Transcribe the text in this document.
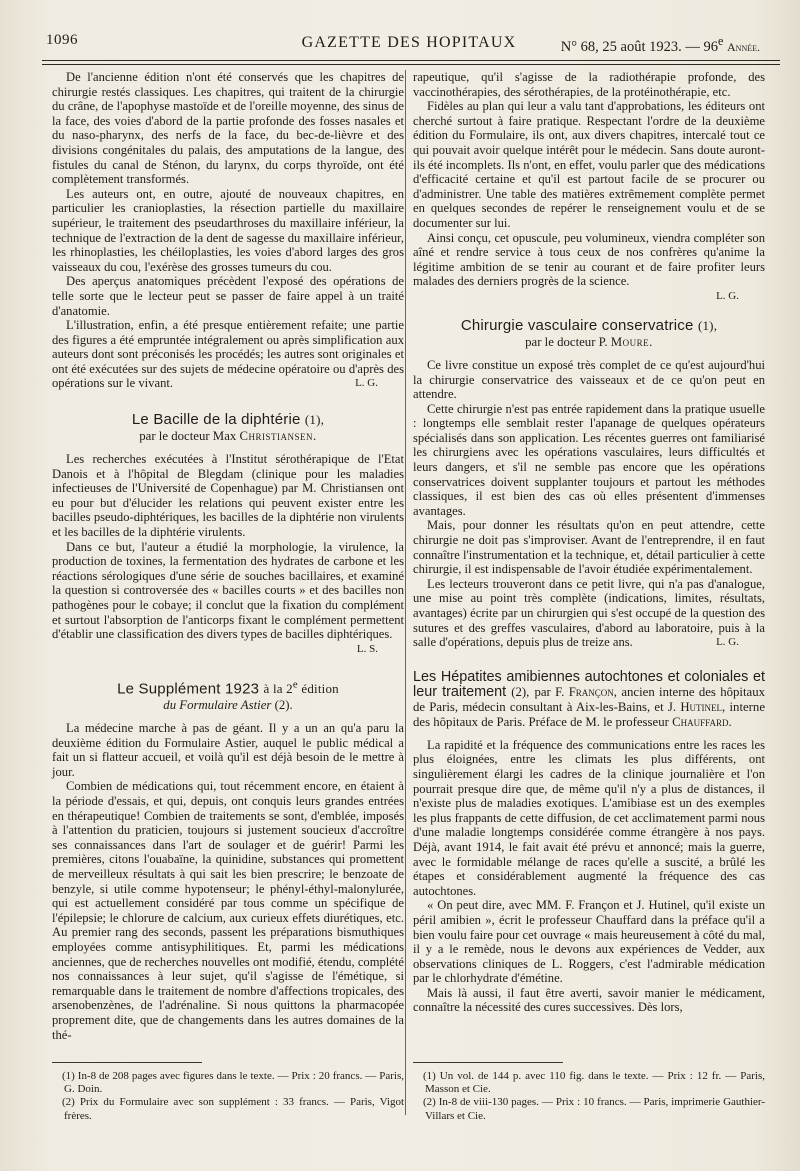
1096	GAZETTE DES HOPITAUX	N° 68, 25 août 1923. — 96e Année.

De l'ancienne édition n'ont été conservés que les chapitres de chirurgie restés classiques. Les chapitres, qui traitent de la chirurgie du crâne, de l'apophyse mastoïde et de l'oreille moyenne, des sinus de la face, des voies d'abord de la partie profonde des fosses nasales et du naso-pharynx, des nerfs de la face, du bec-de-lièvre et des divisions congénitales du palais, des amputations de la langue, des fistules du canal de Sténon, du larynx, du corps thyroïde, ont été complètement transformés.

Les auteurs ont, en outre, ajouté de nouveaux chapitres, en particulier les cranioplasties, la résection partielle du maxillaire supérieur, le traitement des pseudarthroses du maxillaire inférieur, la technique de l'extraction de la dent de sagesse du maxillaire inférieur, les rhinoplasties, les chéiloplasties, les voies d'abord larges des gros vaisseaux du cou, l'exérèse des grosses tumeurs du cou.

Des aperçus anatomiques précèdent l'exposé des opérations de telle sorte que le lecteur peut se passer de faire appel à un traité d'anatomie.

L'illustration, enfin, a été presque entièrement refaite; une partie des figures a été empruntée intégralement ou après simplification aux auteurs dont sont préconisés les procédés; les autres sont originales et ont été exécutées sur des sujets de médecine opératoire ou d'après des opérations sur le vivant.	L. G.

Le Bacille de la diphtérie (1),
par le docteur Max Christiansen.

Les recherches exécutées à l'Institut sérothérapique de l'Etat Danois et à l'hôpital de Blegdam (clinique pour les maladies infectieuses de l'Université de Copenhague) par M. Christiansen ont eu pour but d'élucider les relations qui peuvent exister entre les bacilles pseudo-diphtériques, les bacilles de la diphtérie non virulents et les bacilles de la diphtérie virulents.

Dans ce but, l'auteur a étudié la morphologie, la virulence, la production de toxines, la fermentation des hydrates de carbone et les réactions sérologiques d'une série de souches bacillaires, et examiné la question si controversée des « bacilles courts » et des bacilles non pathogènes pour le cobaye; il conclut que la fixation du complément et surtout l'absorption de l'anticorps fixant le complément permettent d'établir une classification des divers types de bacilles diphtériques.

L. S.
Le Supplément 1923 à la 2e édition
du Formulaire Astier (2).

La médecine marche à pas de géant. Il y a un an qu'a paru la deuxième édition du Formulaire Astier, auquel le public médical a fait un si flatteur accueil, et voilà qu'il est déjà besoin de le mettre à jour.

Combien de médications qui, tout récemment encore, en étaient à la période d'essais, et qui, depuis, ont conquis leurs grandes entrées en thérapeutique! Combien de traitements se sont, d'emblée, imposés à l'attention du praticien, toujours si justement soucieux d'accroître ses connaissances dans l'art de soulager et de guérir! Parmi les premières, citons l'ouabaïne, la quinidine, substances qui promettent de merveilleux résultats à qui sait les bien prescrire; le benzoate de benzyle, si utile comme hypotenseur; le phényl-éthyl-malonylurée, qui est actuellement considéré par tous comme un spécifique de l'épilepsie; le chlorure de calcium, aux curieux effets diurétiques, etc. Au premier rang des seconds, passent les préparations bismuthiques employées comme antisyphilitiques. Et, parmi les médications anciennes, que de recherches nouvelles ont modifié, étendu, complété nos connaissances à leur sujet, qu'il s'agisse de l'émétique, si remarquable dans le traitement de nombre d'affections tropicales, des arsenobenzènes, de l'adrénaline. Si nous quittons la pharmacopée proprement dite, que de changements dans les autres domaines de la thé-

rapeutique, qu'il s'agisse de la radiothérapie profonde, des vaccinothérapies, des sérothérapies, de la protéinothérapie, etc.

Fidèles au plan qui leur a valu tant d'approbations, les éditeurs ont cherché surtout à faire pratique. Respectant l'ordre de la deuxième édition du Formulaire, ils ont, aux divers chapitres, intercalé tout ce qui pouvait avoir quelque intérêt pour le médecin. Sans doute auront-ils été incomplets. Ils n'ont, en effet, voulu parler que des médications d'efficacité certaine et qu'il est partout facile de se procurer ou d'administrer. Une table des matières extrêmement complète permet en quelques secondes de repérer le renseignement voulu et de se documenter sur lui.

Ainsi conçu, cet opuscule, peu volumineux, viendra compléter son aîné et rendre service à tous ceux de nos confrères qu'anime la légitime ambition de se tenir au courant et de faire profiter leurs malades des derniers progrès de la science.

L. G.
Chirurgie vasculaire conservatrice (1),
par le docteur P. Moure.

Ce livre constitue un exposé très complet de ce qu'est aujourd'hui la chirurgie conservatrice des vaisseaux et de ce qu'on peut en attendre.

Cette chirurgie n'est pas entrée rapidement dans la pratique usuelle : longtemps elle semblait rester l'apanage de quelques opérateurs spécialisés dans son application. Les récentes guerres ont familiarisé les chirurgiens avec les opérations vasculaires, leurs difficultés et leurs dangers, et s'il ne semble pas encore que les opérations conservatrices doivent supplanter toujours et partout les méthodes classiques, il est bien des cas où elles présentent d'immenses avantages.

Mais, pour donner les résultats qu'on en peut attendre, cette chirurgie ne doit pas s'improviser. Avant de l'entreprendre, il en faut connaître l'instrumentation et la technique, et, détail particulier à cette chirurgie, il est indispensable de l'avoir étudiée expérimentalement.

Les lecteurs trouveront dans ce petit livre, qui n'a pas d'analogue, une mise au point très complète (indications, limites, résultats, avantages) écrite par un chirurgien qui s'est occupé de la question des sutures et des greffes vasculaires, d'abord au laboratoire, puis à la salle d'opérations, depuis plus de treize ans.	L. G.

Les Hépatites amibiennes autochtones et coloniales et leur traitement (2), par F. Françon, ancien interne des hôpitaux de Paris, médecin consultant à Aix-les-Bains, et J. Hutinel, interne des hôpitaux de Paris. Préface de M. le professeur Chauffard.

La rapidité et la fréquence des communications entre les races les plus éloignées, entre les climats les plus différents, ont singulièrement élargi les cadres de la clinique journalière et l'on pourrait presque dire que, de même qu'il n'y a plus de distances, il n'existe plus de maladies exotiques. L'amibiase est un des exemples les plus frappants de cette diffusion, de cet acclimatement parmi nous d'une maladie longtemps considérée comme étrangère à nos pays. Déjà, avant 1914, le fait avait été prévu et annoncé; mais la guerre, avec le formidable mélange de races qu'elle a suscité, a brûlé les étapes et considérablement augmenté la fréquence des cas autochtones.

« On peut dire, avec MM. F. Françon et J. Hutinel, qu'il existe un péril amibien », écrit le professeur Chauffard dans la préface qu'il a bien voulu faire pour cet ouvrage « mais heureusement à côté du mal, il y a le remède, nous le devons aux expériences de Vedder, aux observations cliniques de L. Roggers, c'est l'admirable médication par le chlorhydrate d'émétine.

Mais là aussi, il faut être averti, savoir manier le médicament, connaître la nécessité des cures successives. Dès lors,

(1) In-8 de 208 pages avec figures dans le texte. — Prix : 20 francs. — Paris, G. Doin.

(2) Prix du Formulaire avec son supplément : 33 francs. — Paris, Vigot frères.

(1) Un vol. de 144 p. avec 110 fig. dans le texte. — Prix : 12 fr. — Paris, Masson et Cie.

(2) In-8 de viii-130 pages. — Prix : 10 francs. — Paris, imprimerie Gauthier-Villars et Cie.
